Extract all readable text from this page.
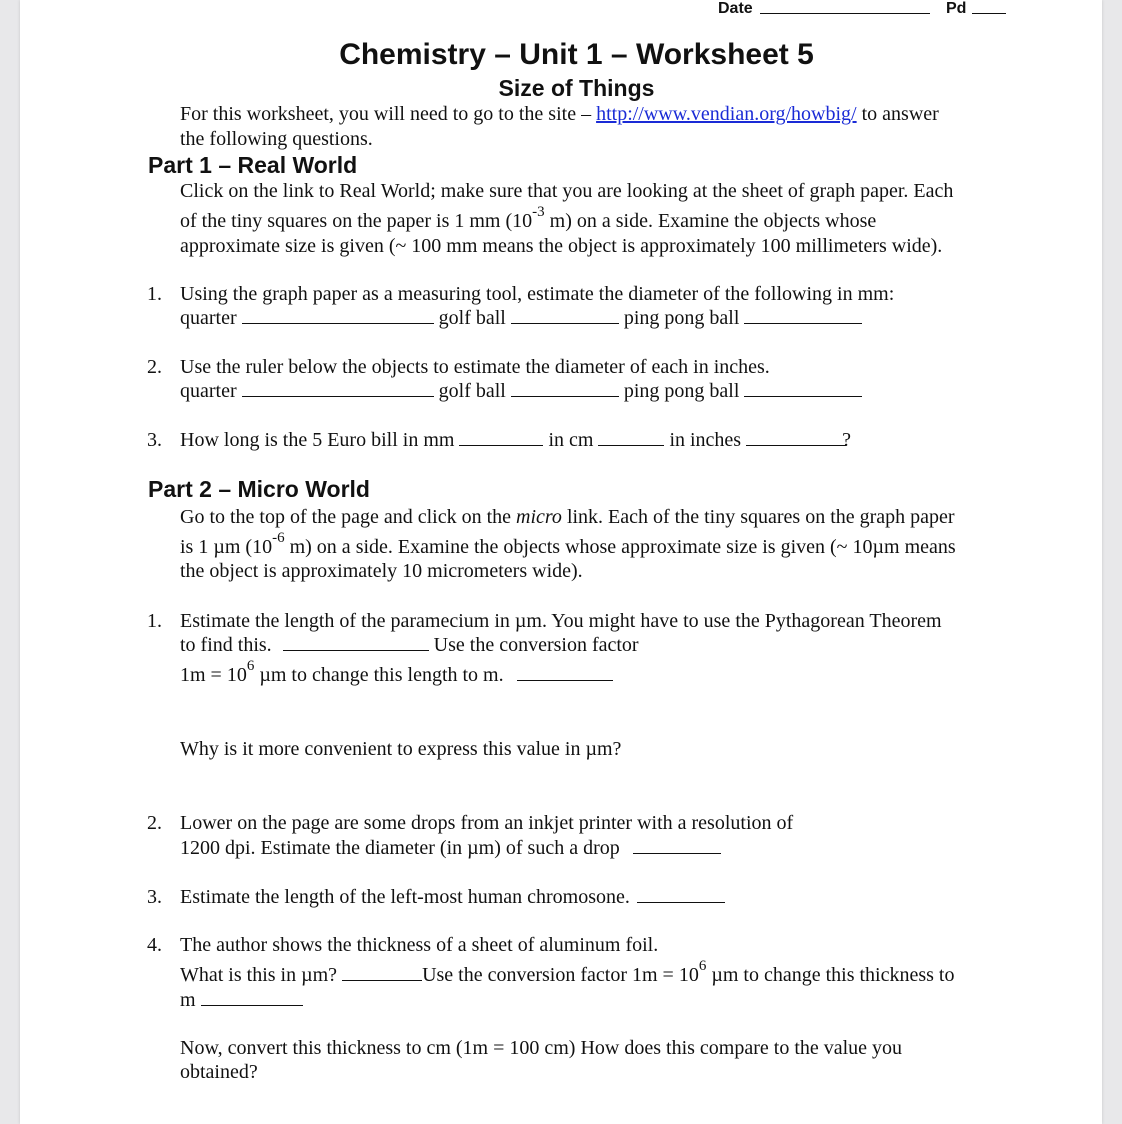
Date	Pd
Chemistry – Unit 1 – Worksheet 5
Size of Things
For this worksheet, you will need to go to the site – http://www.vendian.org/howbig/ to answer
the following questions.
Part 1 – Real World
Click on the link to Real World; make sure that you are looking at the sheet of graph paper. Each
of the tiny squares on the paper is 1 mm ($10^{-3}$ m) on a side. Examine the objects whose
approximate size is given (~ 100 mm means the object is approximately 100 millimeters wide).
1. Using the graph paper as a measuring tool, estimate the diameter of the following in mm:
quarter	golf ball	ping pong ball
2. Use the ruler below the objects to estimate the diameter of each in inches.
quarter	golf ball	ping pong ball
3. How long is the 5 Euro bill in mm	in cm	in inches	?
Part 2 – Micro World
Go to the top of the page and click on the micro link. Each of the tiny squares on the graph paper
is 1 µm ($10^{-6}$ m) on a side. Examine the objects whose approximate size is given (~ 10µm means
the object is approximately 10 micrometers wide).
1. Estimate the length of the paramecium in µm. You might have to use the Pythagorean Theorem
to find this.	Use the conversion factor
$1m = 10^6$ µm to change this length to m.
Why is it more convenient to express this value in µm?
2. Lower on the page are some drops from an inkjet printer with a resolution of
1200 dpi. Estimate the diameter (in µm) of such a drop
3. Estimate the length of the left-most human chromosone.
4. The author shows the thickness of a sheet of aluminum foil.
What is this in µm?	Use the conversion factor $1m = 10^6$ µm to change this thickness to
m
Now, convert this thickness to cm (1m = 100 cm) How does this compare to the value you
obtained?
